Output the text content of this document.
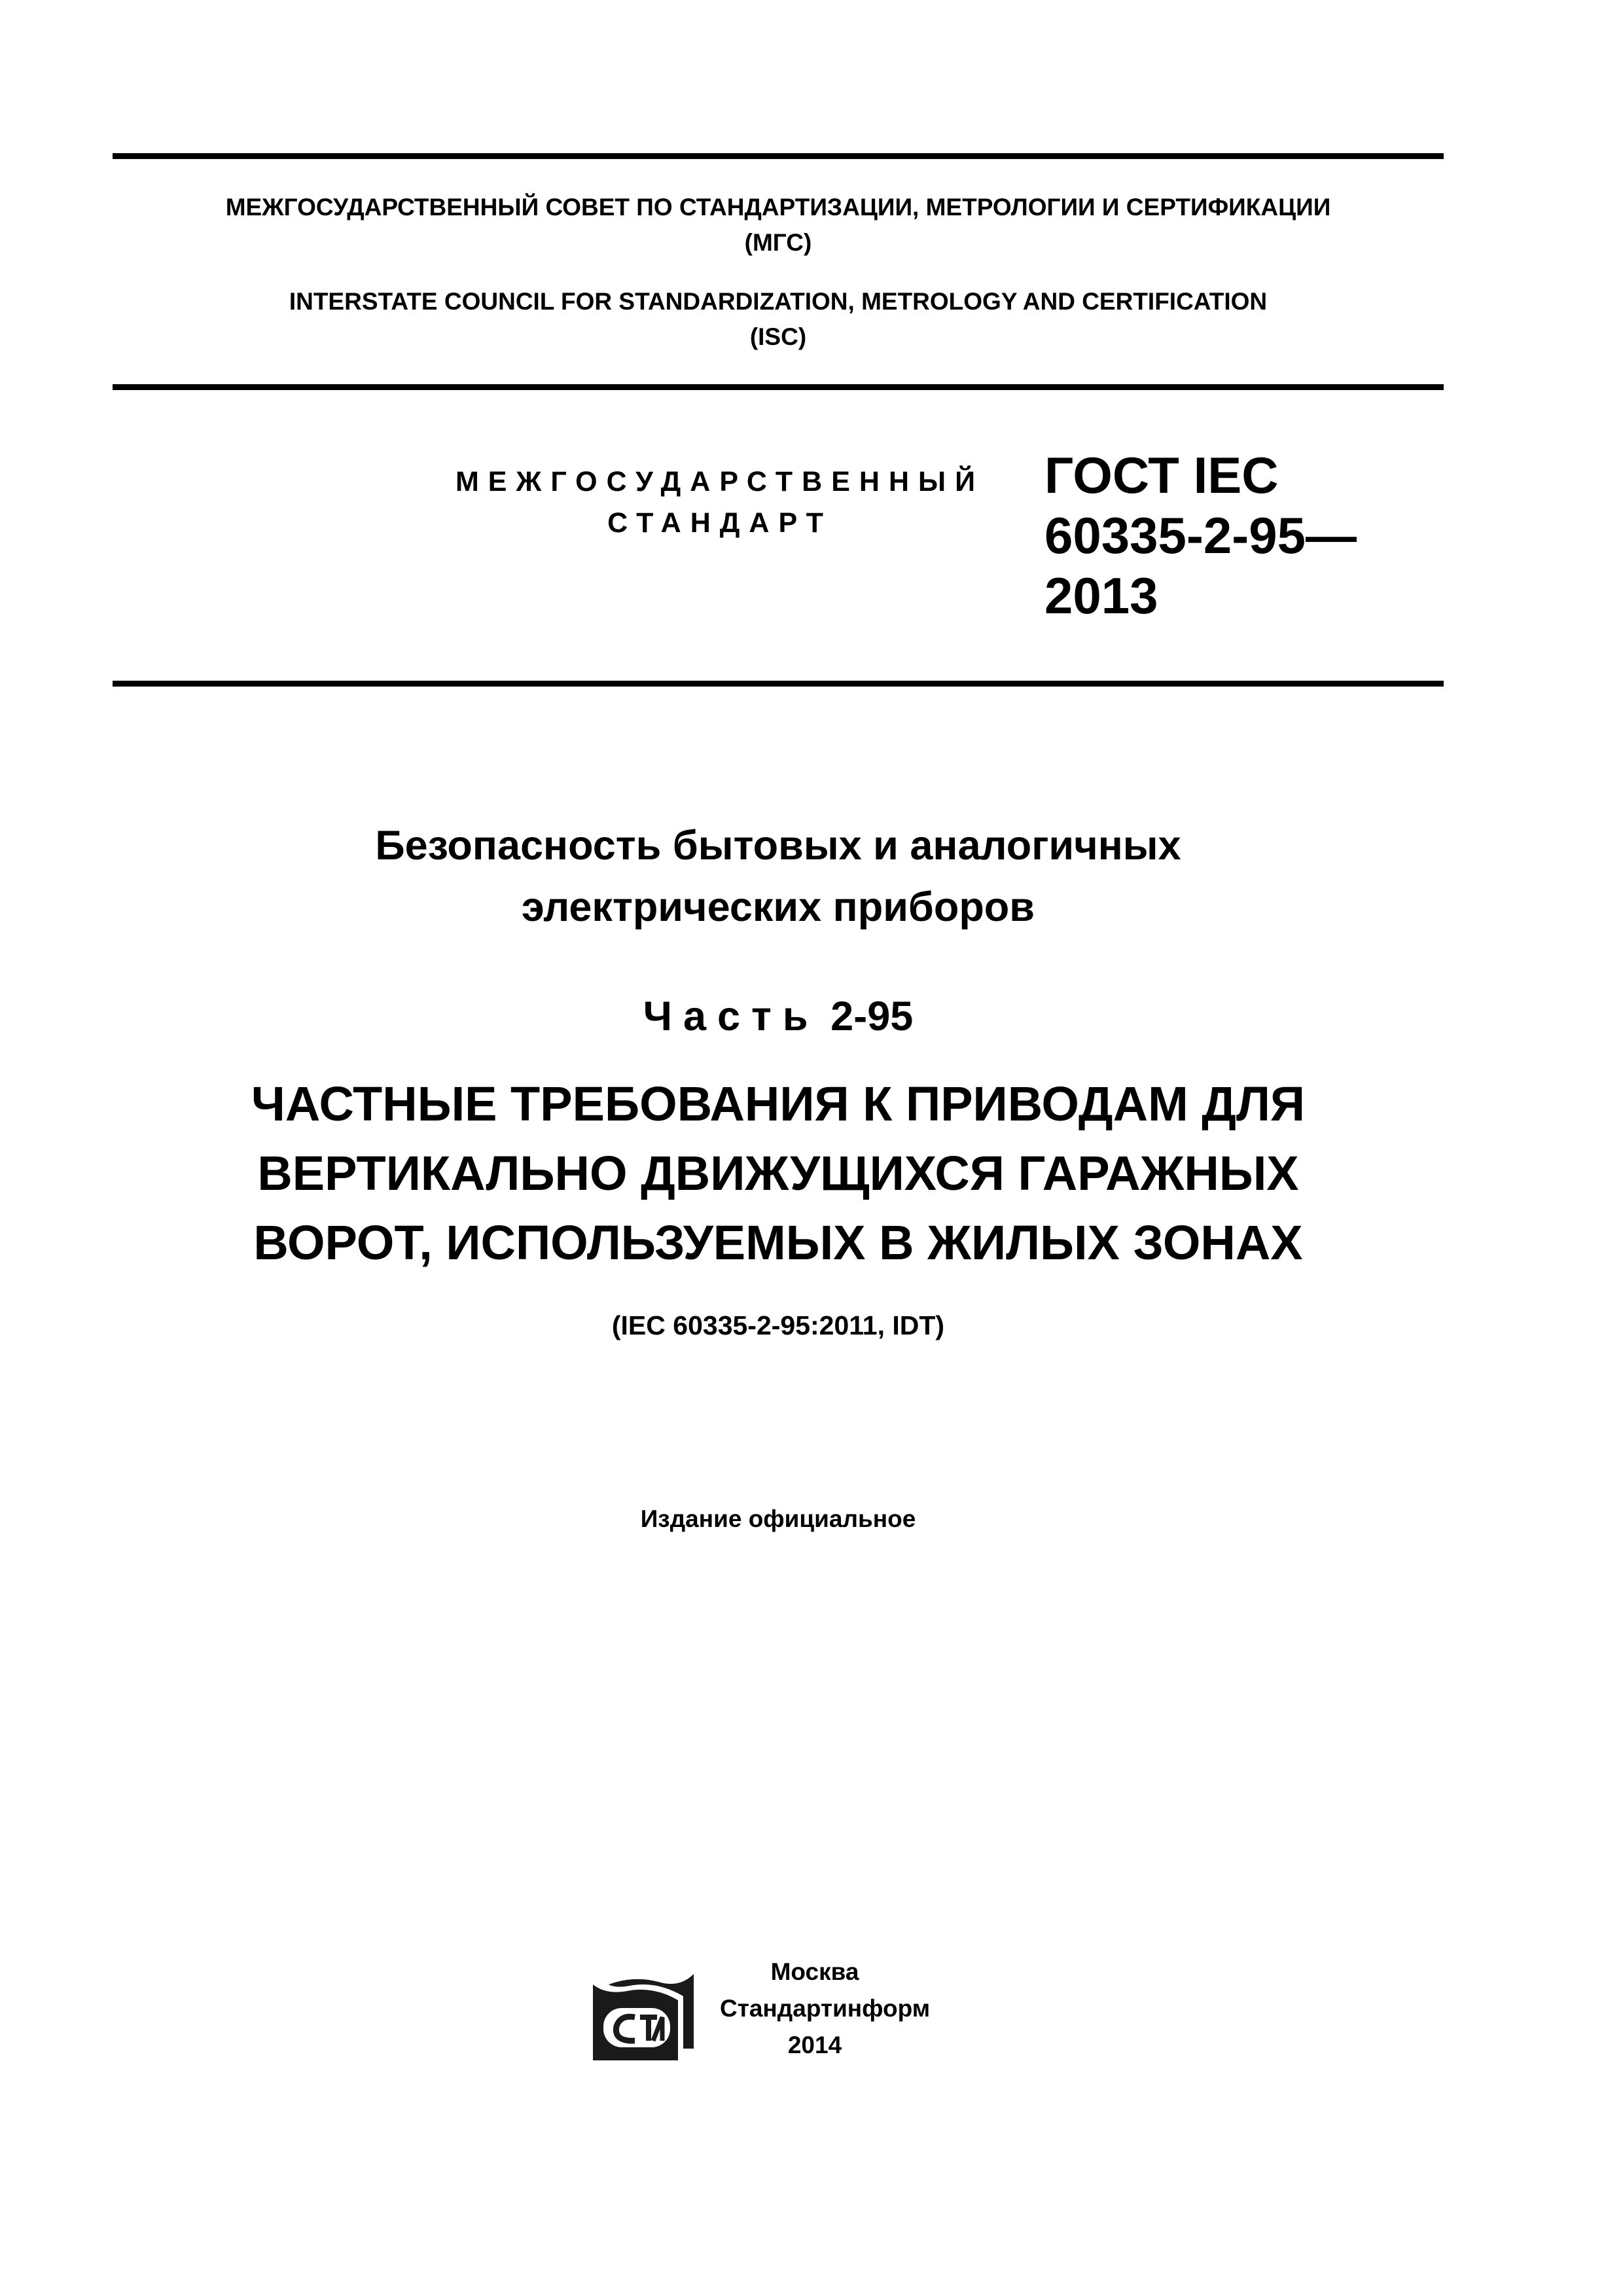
МЕЖГОСУДАРСТВЕННЫЙ СОВЕТ ПО СТАНДАРТИЗАЦИИ, МЕТРОЛОГИИ И СЕРТИФИКАЦИИ
(МГС)
INTERSTATE COUNCIL FOR STANDARDIZATION, METROLOGY AND CERTIFICATION
(ISC)
МЕЖГОСУДАРСТВЕННЫЙ
СТАНДАРТ
ГОСТ IEC
60335-2-95—
2013
Безопасность бытовых и аналогичных
электрических приборов
Часть 2-95
ЧАСТНЫЕ ТРЕБОВАНИЯ К ПРИВОДАМ ДЛЯ
ВЕРТИКАЛЬНО ДВИЖУЩИХСЯ ГАРАЖНЫХ
ВОРОТ, ИСПОЛЬЗУЕМЫХ В ЖИЛЫХ ЗОНАХ
(IEC 60335-2-95:2011, IDT)
Издание официальное
Москва
Стандартинформ
2014
